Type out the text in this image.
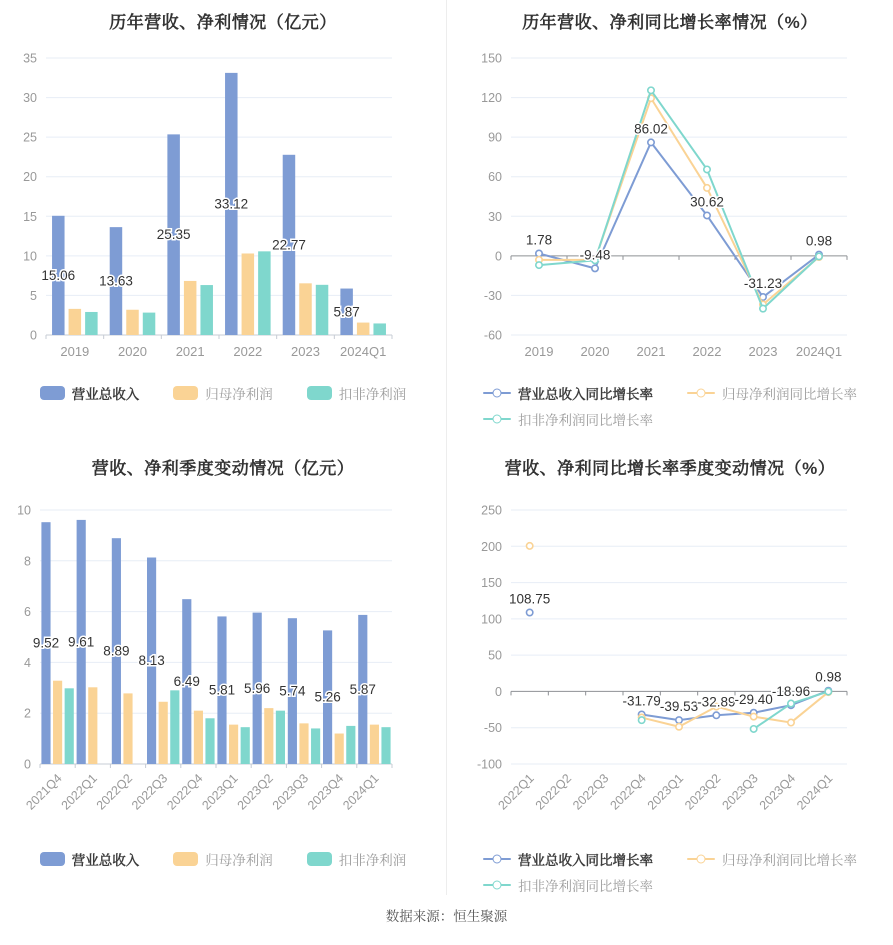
历年营收、净利情况（亿元）
0
5
10
15
20
25
30
35
2019 2020 2021 2022 2023 2024Q1
15.06 13.63
25.35
33.12
22.77
5.87
营业总收入	归母净利润	扣非净利润
历年营收、净利同比增长率情况（%）
-60
-30
0
30
60
90
120
150
2019 2020 2021 2022 2023 2024Q1
1.78
-9.48
86.02
30.62
-31.23
0.98
营业总收入同比增长率	归母净利润同比增长率
扣非净利润同比增长率
营收、净利季度变动情况（亿元）
0
2
4
6
8
10
2021Q4
2022Q1
2022Q2
2022Q3
2022Q4
2023Q1
2023Q2
2023Q3
2023Q4
2024Q1
9.52 9.61
8.89
8.13
6.49
5.81 5.96 5.74 5.26
5.87
营业总收入	归母净利润	扣非净利润
营收、净利同比增长率季度变动情况（%）
-100
-50
0
50
100
150
200
250
2022Q1
2022Q2
2022Q3
2022Q4
2023Q1
2023Q2
2023Q3
2023Q4
2024Q1
108.75
-31.79 -39.53 -32.89 -29.40
-18.96
0.98
营业总收入同比增长率	归母净利润同比增长率
扣非净利润同比增长率
数据来源：恒生聚源
